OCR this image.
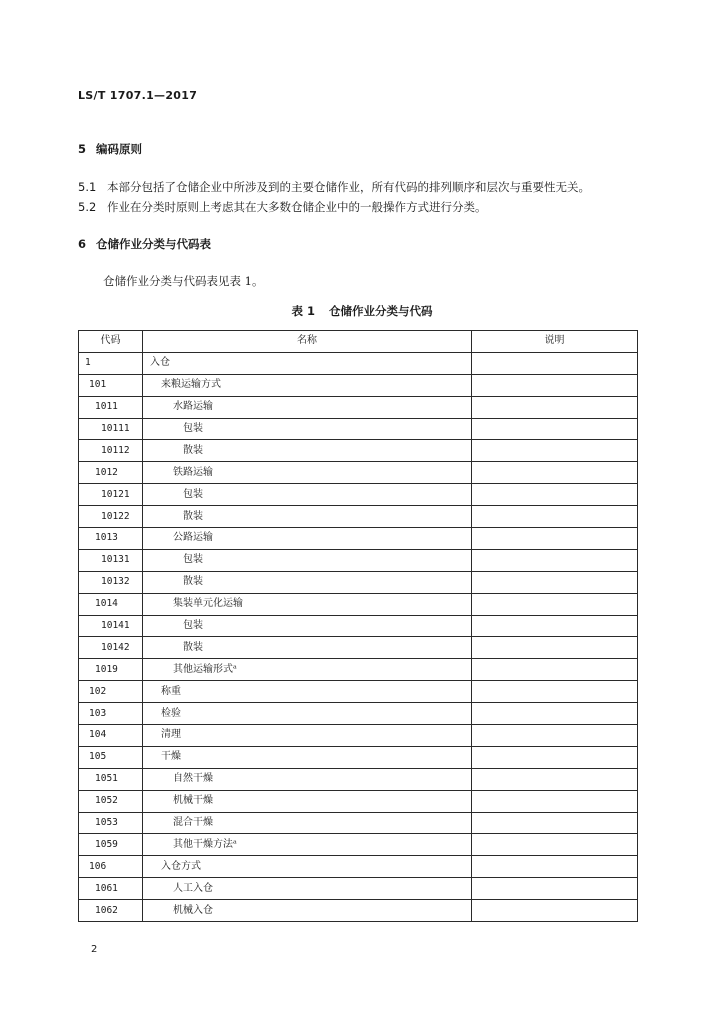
LS/T 1707.1—2017
5 编码原则
5.1 本部分包括了仓储企业中所涉及到的主要仓储作业，所有代码的排列顺序和层次与重要性无关。
5.2 作业在分类时原则上考虑其在大多数仓储企业中的一般操作方式进行分类。
6 仓储作业分类与代码表
仓储作业分类与代码表见表 1。
表 1 仓储作业分类与代码
代码	名称	说明
1	入仓	
101	来粮运输方式	
1011	水路运输	
10111	包装	
10112	散装	
1012	铁路运输	
10121	包装	
10122	散装	
1013	公路运输	
10131	包装	
10132	散装	
1014	集装单元化运输	
10141	包装	
10142	散装	
1019	其他运输形式ᵃ	
102	称重	
103	检验	
104	清理	
105	干燥	
1051	自然干燥	
1052	机械干燥	
1053	混合干燥	
1059	其他干燥方法ᵃ	
106	入仓方式	
1061	人工入仓	
1062	机械入仓	
2
